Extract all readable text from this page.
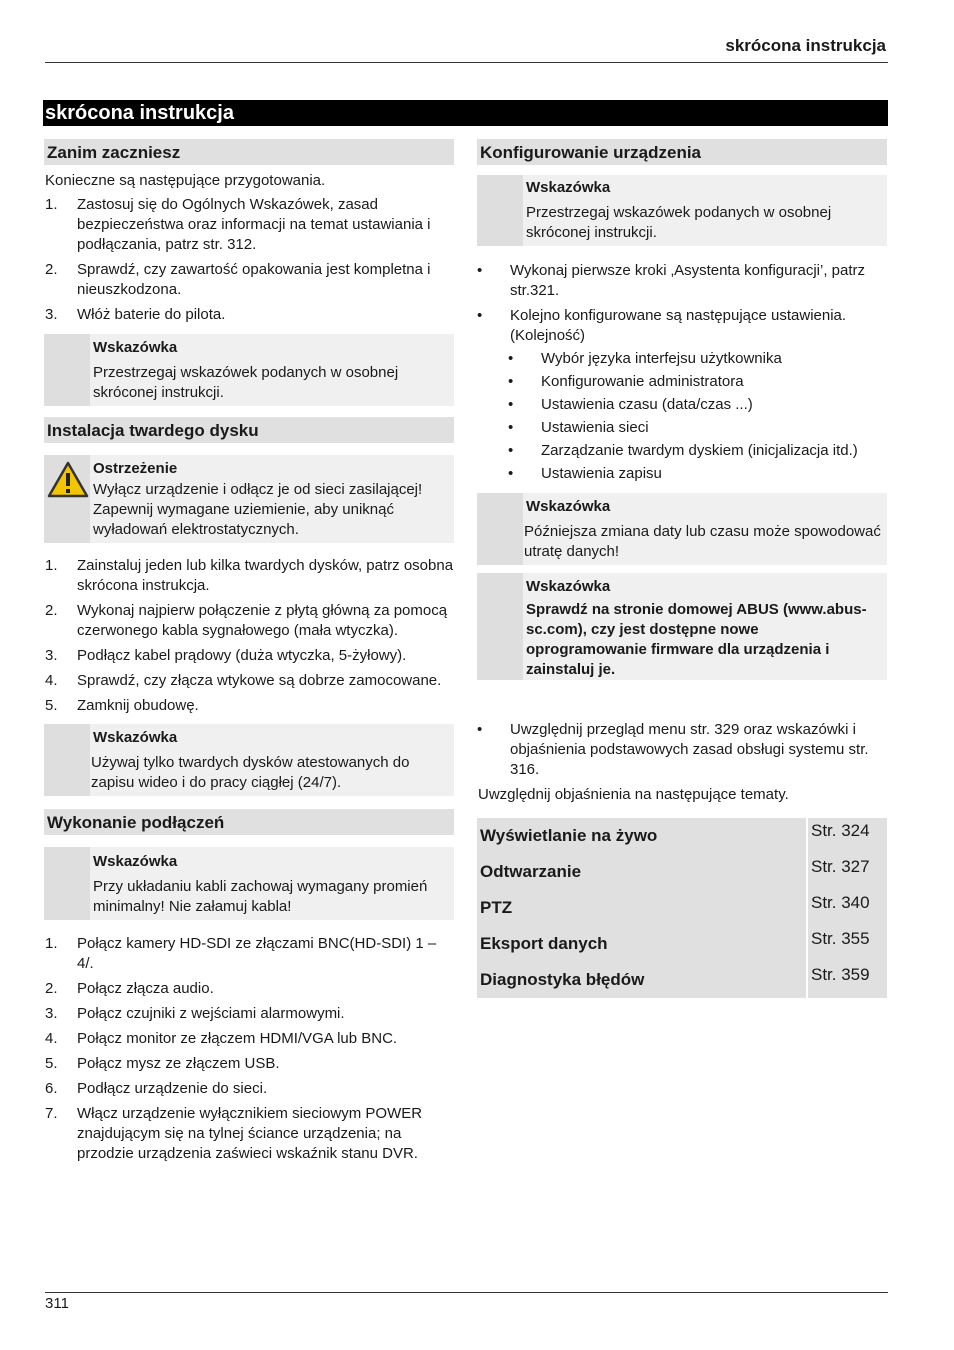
skrócona instrukcja
skrócona instrukcja
Zanim zaczniesz
Konieczne są następujące przygotowania.
1. Zastosuj się do Ogólnych Wskazówek, zasad bezpieczeństwa oraz informacji na temat ustawiania i podłączania, patrz str. 312.
2. Sprawdź, czy zawartość opakowania jest kompletna i nieuszkodzona.
3. Włóż baterie do pilota.
Wskazówka
Przestrzegaj wskazówek podanych w osobnej skróconej instrukcji.
Instalacja twardego dysku
Ostrzeżenie
Wyłącz urządzenie i odłącz je od sieci zasilającej! Zapewnij wymagane uziemienie, aby uniknąć wyładowań elektrostatycznych.
1. Zainstaluj jeden lub kilka twardych dysków, patrz osobna skrócona instrukcja.
2. Wykonaj najpierw połączenie z płytą główną za pomocą czerwonego kabla sygnałowego (mała wtyczka).
3. Podłącz kabel prądowy (duża wtyczka, 5-żyłowy).
4. Sprawdź, czy złącza wtykowe są dobrze zamocowane.
5. Zamknij obudowę.
Wskazówka
Używaj tylko twardych dysków atestowanych do zapisu wideo i do pracy ciągłej (24/7).
Wykonanie podłączeń
Wskazówka
Przy układaniu kabli zachowaj wymagany promień minimalny! Nie załamuj kabla!
1. Połącz kamery HD-SDI ze złączami BNC(HD-SDI) 1 – 4/.
2. Połącz złącza audio.
3. Połącz czujniki z wejściami alarmowymi.
4. Połącz monitor ze złączem HDMI/VGA lub BNC.
5. Połącz mysz ze złączem USB.
6. Podłącz urządzenie do sieci.
7. Włącz urządzenie wyłącznikiem sieciowym POWER znajdującym się na tylnej ściance urządzenia; na przodzie urządzenia zaświeci wskaźnik stanu DVR.
Konfigurowanie urządzenia
Wskazówka
Przestrzegaj wskazówek podanych w osobnej skróconej instrukcji.
• Wykonaj pierwsze kroki ‚Asystenta konfiguracji’, patrz str.321.
• Kolejno konfigurowane są następujące ustawienia. (Kolejność)
• Wybór języka interfejsu użytkownika
• Konfigurowanie administratora
• Ustawienia czasu (data/czas ...)
• Ustawienia sieci
• Zarządzanie twardym dyskiem (inicjalizacja itd.)
• Ustawienia zapisu
Wskazówka
Późniejsza zmiana daty lub czasu może spowodować utratę danych!
Wskazówka
Sprawdź na stronie domowej ABUS (www.abus-sc.com), czy jest dostępne nowe oprogramowanie firmware dla urządzenia i zainstaluj je.
• Uwzględnij przegląd menu str. 329 oraz wskazówki i objaśnienia podstawowych zasad obsługi systemu str. 316.
Uwzględnij objaśnienia na następujące tematy.
Wyświetlanie na żywo	Str. 324
Odtwarzanie	Str. 327
PTZ	Str. 340
Eksport danych	Str. 355
Diagnostyka błędów	Str. 359
311
